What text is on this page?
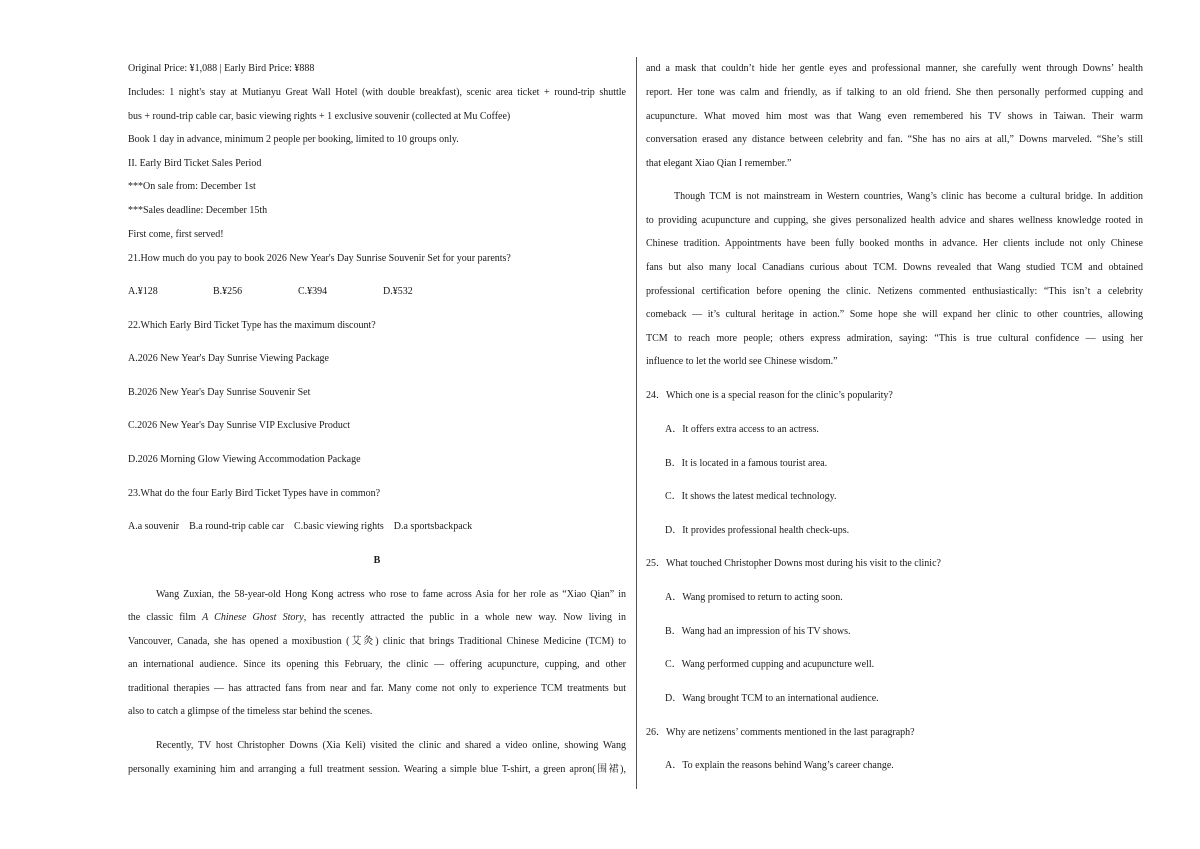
Original Price: ¥1,088 | Early Bird Price: ¥888
Includes: 1 night's stay at Mutianyu Great Wall Hotel (with double breakfast), scenic area ticket + round-trip shuttle
bus + round-trip cable car, basic viewing rights + 1 exclusive souvenir (collected at Mu Coffee)
Book 1 day in advance, minimum 2 people per booking, limited to 10 groups only.
II. Early Bird Ticket Sales Period
***On sale from: December 1st
***Sales deadline: December 15th
First come, first served!
21.How much do you pay to book 2026 New Year's Day Sunrise Souvenir Set for your parents?
A.¥128	B.¥256	C.¥394	D.¥532
22.Which Early Bird Ticket Type has the maximum discount?
A.2026 New Year's Day Sunrise Viewing Package
B.2026 New Year's Day Sunrise Souvenir Set
C.2026 New Year's Day Sunrise VIP Exclusive Product
D.2026 Morning Glow Viewing Accommodation Package
23.What do the four Early Bird Ticket Types have in common?
A.a souvenir    B.a round-trip cable car    C.basic viewing rights    D.a sportsbackpack
B
Wang Zuxian, the 58-year-old Hong Kong actress who rose to fame across Asia for her role as “Xiao Qian” in
the classic film A Chinese Ghost Story, has recently attracted the public in a whole new way. Now living in
Vancouver, Canada, she has opened a moxibustion (艾灸) clinic that brings Traditional Chinese Medicine (TCM) to
an international audience. Since its opening this February, the clinic — offering acupuncture, cupping, and other
traditional therapies — has attracted fans from near and far. Many come not only to experience TCM treatments but
also to catch a glimpse of the timeless star behind the scenes.
Recently, TV host Christopher Downs (Xia Keli) visited the clinic and shared a video online, showing Wang
personally examining him and arranging a full treatment session. Wearing a simple blue T-shirt, a green apron(围裙),
and a mask that couldn’t hide her gentle eyes and professional manner, she carefully went through Downs’ health
report. Her tone was calm and friendly, as if talking to an old friend. She then personally performed cupping and
acupuncture. What moved him most was that Wang even remembered his TV shows in Taiwan. Their warm
conversation erased any distance between celebrity and fan. “She has no airs at all,” Downs marveled. “She’s still
that elegant Xiao Qian I remember.”
Though TCM is not mainstream in Western countries, Wang’s clinic has become a cultural bridge. In addition
to providing acupuncture and cupping, she gives personalized health advice and shares wellness knowledge rooted in
Chinese tradition. Appointments have been fully booked months in advance. Her clients include not only Chinese
fans but also many local Canadians curious about TCM. Downs revealed that Wang studied TCM and obtained
professional certification before opening the clinic. Netizens commented enthusiastically: “This isn’t a celebrity
comeback — it’s cultural heritage in action.” Some hope she will expand her clinic to other countries, allowing
TCM to reach more people; others express admiration, saying: “This is true cultural confidence — using her
influence to let the world see Chinese wisdom.”
24．Which one is a special reason for the clinic’s popularity?
A．It offers extra access to an actress.
B．It is located in a famous tourist area.
C．It shows the latest medical technology.
D．It provides professional health check-ups.
25．What touched Christopher Downs most during his visit to the clinic?
A．Wang promised to return to acting soon.
B．Wang had an impression of his TV shows.
C．Wang performed cupping and acupuncture well.
D．Wang brought TCM to an international audience.
26．Why are netizens’ comments mentioned in the last paragraph?
A．To explain the reasons behind Wang’s career change.
